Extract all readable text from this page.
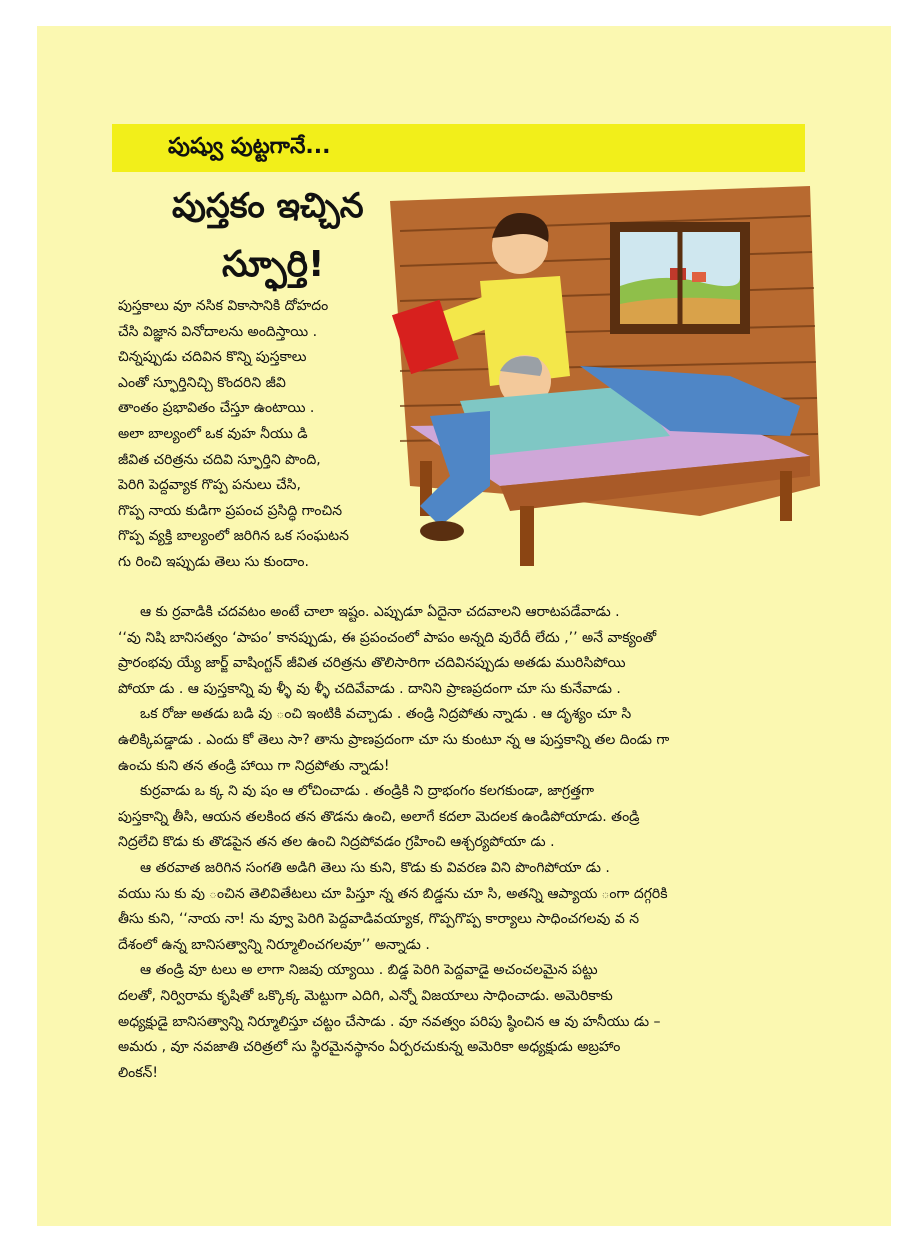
పుష్వు పుట్టగానే...
పుస్తకం ఇచ్చిన
స్ఫూర్తి!
పుస్తకాలు వూ నసిక వికాసానికి దోహదం
చేసి విజ్ఞాన వినోదాలను అందిస్తాయి .
చిన్నప్పుడు చదివిన కొన్ని పుస్తకాలు
ఎంతో స్ఫూర్తినిచ్చి కొందరిని జీవి
తాంతం ప్రభావితం చేస్తూ ఉంటాయి .
అలా బాల్యంలో ఒక వుహ నీయు డి
జీవిత చరిత్రను చదివి స్ఫూర్తిని పొంది,
పెరిగి పెద్దవ్యాక గొప్ప పనులు చేసి,
గొప్ప నాయ కుడిగా ప్రపంచ ప్రసిద్ధి గాంచిన
గొప్ప వ్యక్తి బాల్యంలో జరిగిన ఒక సంఘటన
గు రించి ఇప్పుడు తెలు సు కుందాం.
ఆ కు ర్రవాడికి చదవటం అంటే చాలా ఇష్టం. ఎప్పుడూ ఏదైనా చదవాలని ఆరాటపడేవాడు .
‘‘వు నిషి బానిసత్వం ‘పాపం’ కానప్పుడు, ఈ ప్రపంచంలో పాపం అన్నది వురేదీ లేదు ,’’ అనే వాక్యంతో
ప్రారంభవు య్యే జార్జ్ వాషింగ్టన్ జీవిత చరిత్రను తొలిసారిగా చదివినప్పుడు అతడు మురిసిపోయి
పోయా డు . ఆ పుస్తకాన్ని వు ళ్ళీ వు ళ్ళీ చదివేవాడు . దానిని ప్రాణప్రదంగా చూ సు కునేవాడు .
ఒక రోజు అతడు బడి వు ంచి ఇంటికి వచ్చాడు . తండ్రి నిద్రపోతు న్నాడు . ఆ దృశ్యం చూ సి
ఉలిక్కిపడ్డాడు . ఎందు కో తెలు సా? తాను ప్రాణప్రదంగా చూ సు కుంటూ న్న ఆ పుస్తకాన్ని తల దిండు గా
ఉంచు కుని తన తండ్రి హాయి గా నిద్రపోతు న్నాడు!
కుర్రవాడు ఒ క్క ని వు షం ఆ లోచించాడు . తండ్రికి ని ద్రాభంగం కలగకుండా, జాగ్రత్తగా
పుస్తకాన్ని తీసి, ఆయన తలకింద తన తొడను ఉంచి, అలాగే కదలా మెదలక ఉండిపోయాడు. తండ్రి
నిద్రలేచి కొడు కు తొడపైన తన తల ఉంచి నిద్రపోవడం గ్రహించి ఆశ్చర్యపోయా డు .
ఆ తరవాత జరిగిన సంగతి అడిగి తెలు సు కుని, కొడు కు వివరణ విని పొంగిపోయా డు .
వయు సు కు వు ంచిన తెలివితేటలు చూ పిస్తూ న్న తన బిడ్డను చూ సి, అతన్ని ఆప్యాయ ంగా దగ్గరికి
తీసు కుని, ‘‘నాయ నా! ను వ్వూ పెరిగి పెద్దవాడివయ్యాక, గొప్పగొప్ప కార్యాలు సాధించగలవు వ న
దేశంలో ఉన్న బానిసత్వాన్ని నిర్మూలించగలవూ’’ అన్నాడు .
ఆ తండ్రి వూ టలు అ లాగా నిజవు య్యాయి . బిడ్డ పెరిగి పెద్దవాడై అచంచలమైన పట్టు
దలతో, నిర్విరామ కృషితో ఒక్కొక్క మెట్టుగా ఎదిగి, ఎన్నో విజయాలు సాధించాడు. అమెరికాకు
అధ్యక్షుడై బానిసత్వాన్ని నిర్మూలిస్తూ చట్టం చేసాడు . వూ నవత్వం పరిపు ష్ఠించిన ఆ వు హనీయు డు –
అమరు , వూ నవజాతి చరిత్రలో సు స్థిరమైనస్థానం ఏర్పరచుకున్న అమెరికా అధ్యక్షుడు అబ్రహాం
లింకన్!
